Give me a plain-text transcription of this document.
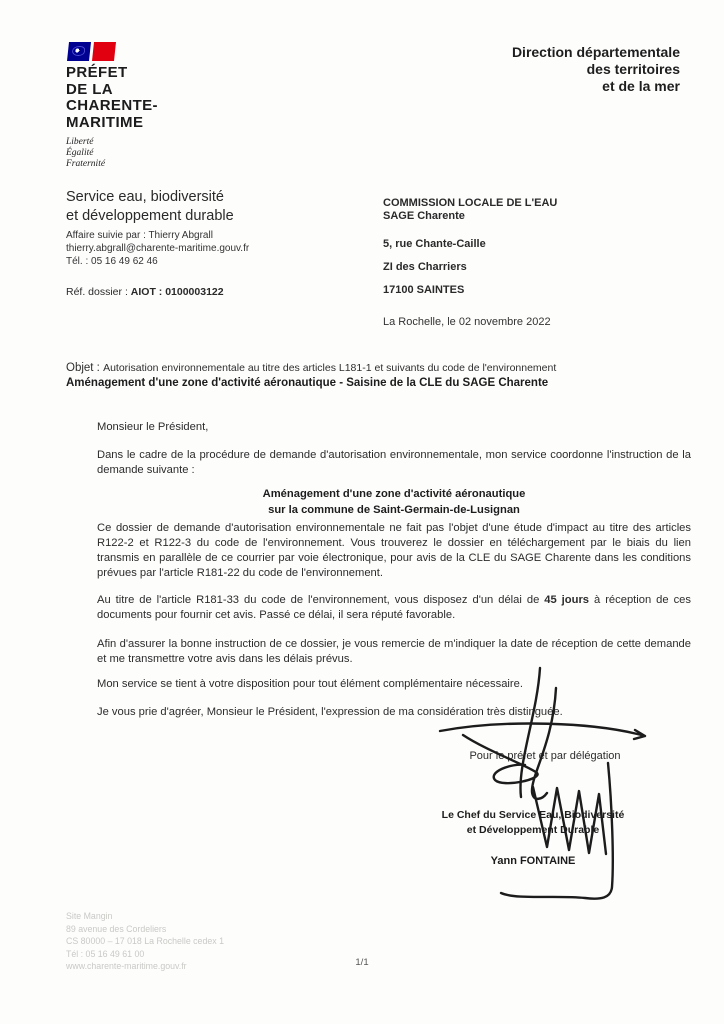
PRÉFET
DE LA
CHARENTE-
MARITIME
Liberté
Égalité
Fraternité
Direction départementale
des territoires
et de la mer
Service eau, biodiversité
et développement durable
Affaire suivie par : Thierry Abgrall
thierry.abgrall@charente-maritime.gouv.fr
Tél. : 05 16 49 62 46
Réf. dossier : AIOT : 0100003122
COMMISSION LOCALE DE L'EAU
SAGE Charente
5, rue Chante-Caille
ZI des Charriers
17100 SAINTES
La Rochelle, le 02 novembre 2022
Objet : Autorisation environnementale au titre des articles L181-1 et suivants du code de l'environnement
Aménagement d'une zone d'activité aéronautique - Saisine de la CLE du SAGE Charente
Monsieur le Président,
Dans le cadre de la procédure de demande d'autorisation environnementale, mon service coordonne l'instruction de la demande suivante :
Aménagement d'une zone d'activité aéronautique
sur la commune de Saint-Germain-de-Lusignan
Ce dossier de demande d'autorisation environnementale ne fait pas l'objet d'une étude d'impact au titre des articles R122-2 et R122-3 du code de l'environnement. Vous trouverez le dossier en téléchargement par le biais du lien transmis en parallèle de ce courrier par voie électronique, pour avis de la CLE du SAGE Charente dans les conditions prévues par l'article R181-22 du code de l'environnement.
Au titre de l'article R181-33 du code de l'environnement, vous disposez d'un délai de 45 jours à réception de ces documents pour fournir cet avis. Passé ce délai, il sera réputé favorable.
Afin d'assurer la bonne instruction de ce dossier, je vous remercie de m'indiquer la date de réception de cette demande et me transmettre votre avis dans les délais prévus.
Mon service se tient à votre disposition pour tout élément complémentaire nécessaire.
Je vous prie d'agréer, Monsieur le Président, l'expression de ma considération très distinguée.
Pour le préfet et par délégation
Le Chef du Service Eau, Biodiversité
et Développement Durable
Yann FONTAINE
Site Mangin
89 avenue des Cordeliers
CS 80000 – 17 018 La Rochelle cedex 1
Tél : 05 16 49 61 00
www.charente-maritime.gouv.fr	1/1
